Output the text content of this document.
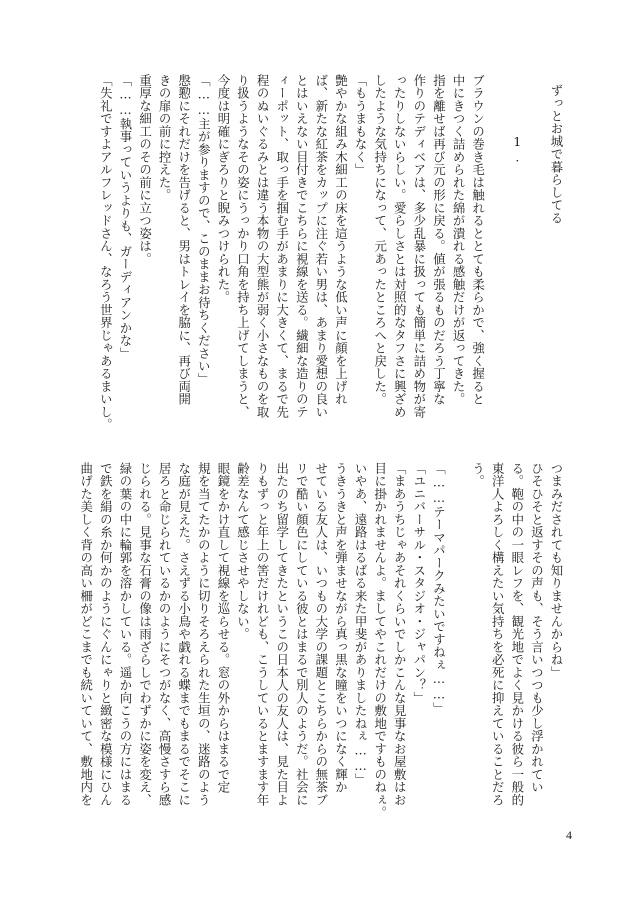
ずっとお城で暮らしてる

1.

ブラウンの巻き毛は触れるととても柔らかで、強く握ると

中にきつく詰められた綿が潰れる感触だけが返ってきた。

指を離せば再び元の形に戻る。値が張るものだろう丁寧な

作りのテディベアは、多少乱暴に扱っても簡単に詰め物が寄

ったりしないらしい。愛らしさとは対照的なタフさに興ざめ

したような気持ちになって、元あったところへと戻した。

「もうまもなく」

艶やかな組み木細工の床を這うような低い声に顔を上げれ

ば、新たな紅茶をカップに注ぐ若い男は、あまり愛想の良い

とはいえない目付きでこちらに視線を送る。繊細な造りのテ

ィーポット、取っ手を掴む手があまりに大きくて、まるで先

程のぬいぐるみとは違う本物の大型熊が弱く小さなものを取

り扱うようなその姿にうっかり口角を持ち上げてしまうと、

今度は明確にぎろりと睨みつけられた。

「……主が参りますので、このままお待ちください」

慇懃にそれだけを告げると、男はトレイを脇に、再び両開

きの扉の前に控えた。

重厚な細工のその前に立つ姿は。

「……執事っていうよりも、ガーディアンかな」

「失礼ですよアルフレッドさん、なろう世界じゃあるまいし。

つまみだされても知りませんからね」

ひそひそと返すその声も、そう言いつつも少し浮かれてい

る。鞄の中の一眼レフを、観光地でよく見かける彼ら一般的

東洋人よろしく構えたい気持ちを必死に抑えていることだろ

う。

「……テーマパークみたいですねぇ……」

「ユニバーサル・スタジオ・ジャパン？」

「まあうちじゃあそれくらいでしかこんな見事なお屋敷はお

目に掛かれませんよ。ましてやこれだけの敷地ですものねぇ。

いやあ、遠路はるばる来た甲斐がありましたねぇ……」

うきうきと声を弾ませながら真っ黒な瞳をいつになく輝か

せている友人は、いつもの大学の課題とこちらからの無茶ブ

リで酷い顔色にしている彼とはまるで別人のようだ。社会に

出たのち留学してきたというこの日本人の友人は、見た目よ

りもずっと年上の筈だけれども、こうしているとますます年

齢差なんて感じさせやしない。

眼鏡をかけ直して視線を巡らせる。窓の外からはまるで定

規を当てたかのように切りそろえられた生垣の、迷路のよう

な庭が見えた。さえずる小鳥や戯れる蝶までもまるでそこに

居ろと命じられているかのようにそつがなく、高慢さすら感

じられる。見事な石膏の像は雨ざらしでわずかに姿を変え、

緑の葉の中に輪郭を溶かしている。遥か向こうの方にはまる

で鉄を絹の糸か何かのようにぐんにゃりと緻密な模様にひん

曲げた美しく背の高い柵がどこまでも続いていて、敷地内を

4
